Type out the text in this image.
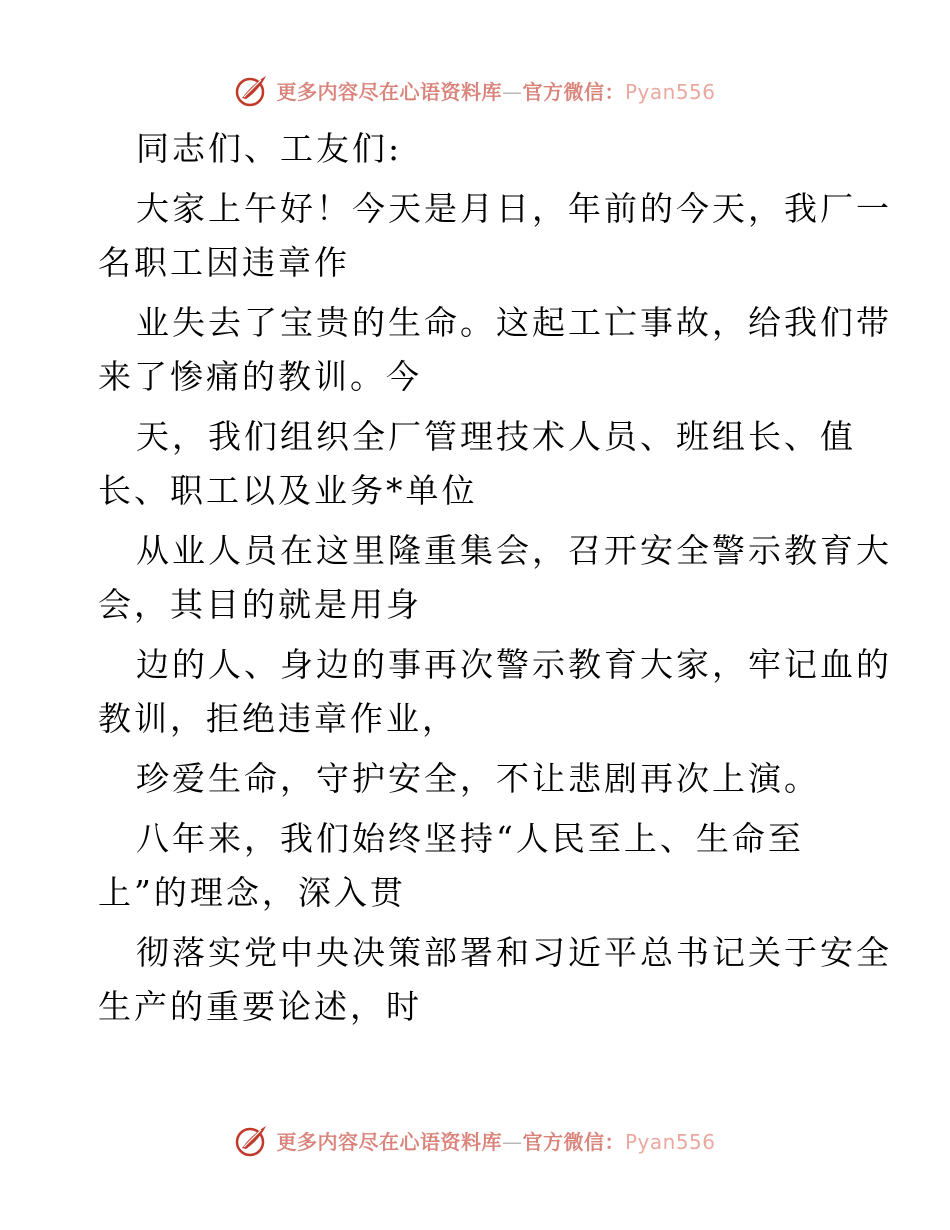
更多内容尽在心语资料库—官方微信：Pyan556
同志们、工友们:
大家上午好！今天是月日，年前的今天，我厂一
名职工因违章作
业失去了宝贵的生命。这起工亡事故，给我们带
来了惨痛的教训。今
天，我们组织全厂管理技术人员、班组长、值
长、职工以及业务*单位
从业人员在这里隆重集会，召开安全警示教育大
会，其目的就是用身
边的人、身边的事再次警示教育大家，牢记血的
教训，拒绝违章作业，
珍爱生命，守护安全，不让悲剧再次上演。
八年来，我们始终坚持“人民至上、生命至
上”的理念，深入贯
彻落实党中央决策部署和习近平总书记关于安全
生产的重要论述，时
更多内容尽在心语资料库—官方微信：Pyan556
